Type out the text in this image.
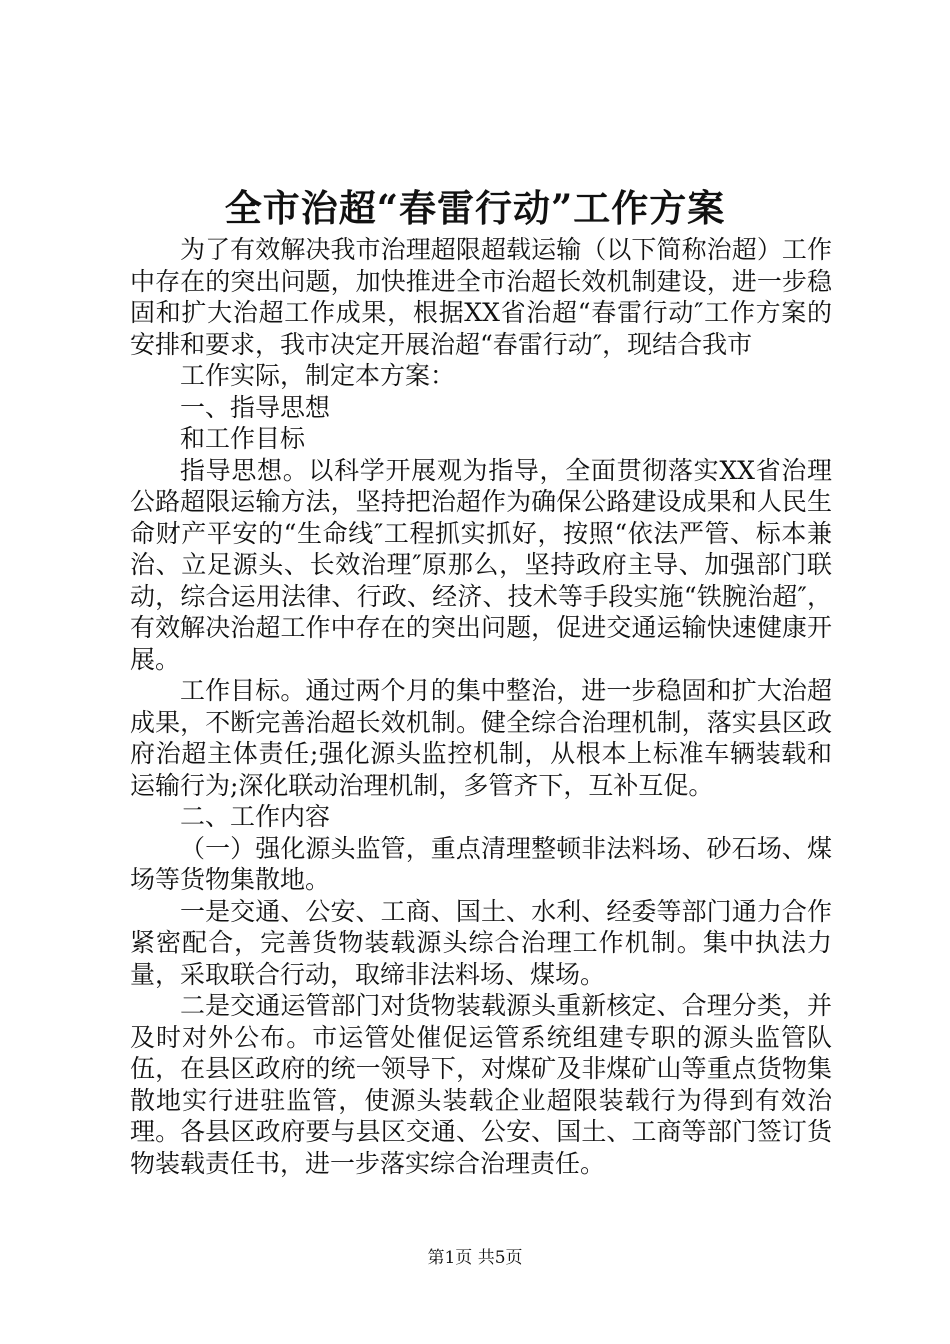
全市治超“春雷行动”工作方案

为了有效解决我市治理超限超载运输（以下简称治超）工作中存在的突出问题，加快推进全市治超长效机制建设，进一步稳固和扩大治超工作成果，根据XX省治超“春雷行动″工作方案的安排和要求，我市决定开展治超“春雷行动″，现结合我市

工作实际，制定本方案：

一、指导思想

和工作目标

指导思想。以科学开展观为指导，全面贯彻落实XX省治理公路超限运输方法，坚持把治超作为确保公路建设成果和人民生命财产平安的“生命线″工程抓实抓好，按照“依法严管、标本兼治、立足源头、长效治理″原那么，坚持政府主导、加强部门联动，综合运用法律、行政、经济、技术等手段实施“铁腕治超″，有效解决治超工作中存在的突出问题，促进交通运输快速健康开展。

工作目标。通过两个月的集中整治，进一步稳固和扩大治超成果，不断完善治超长效机制。健全综合治理机制，落实县区政府治超主体责任;强化源头监控机制，从根本上标准车辆装载和运输行为;深化联动治理机制，多管齐下，互补互促。

二、工作内容

（一）强化源头监管，重点清理整顿非法料场、砂石场、煤场等货物集散地。

一是交通、公安、工商、国土、水利、经委等部门通力合作紧密配合，完善货物装载源头综合治理工作机制。集中执法力量，采取联合行动，取缔非法料场、煤场。

二是交通运管部门对货物装载源头重新核定、合理分类，并及时对外公布。市运管处催促运管系统组建专职的源头监管队伍，在县区政府的统一领导下，对煤矿及非煤矿山等重点货物集散地实行进驻监管，使源头装载企业超限装载行为得到有效治理。各县区政府要与县区交通、公安、国土、工商等部门签订货物装载责任书，进一步落实综合治理责任。

第1页 共5页
